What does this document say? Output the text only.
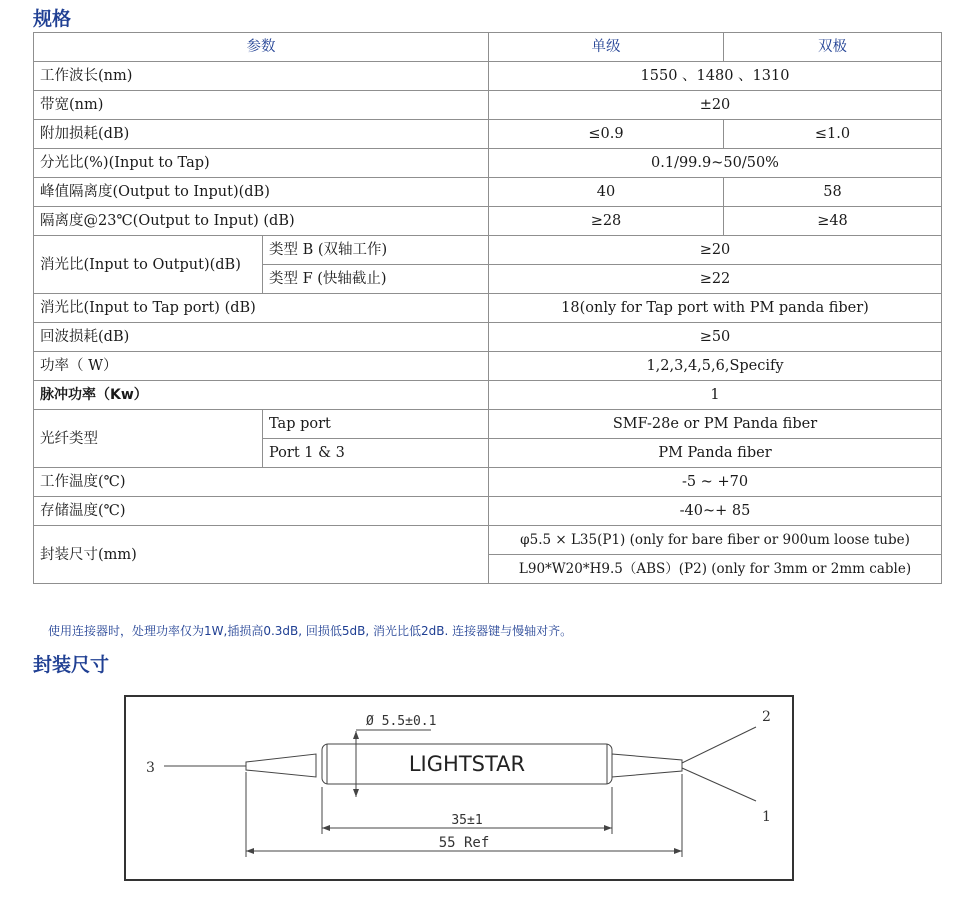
规格
参数		单级	双极
工作波长(nm)		1550 、1480 、1310	
带宽(nm)		±20	
附加损耗(dB)		≤0.9	≤1.0
分光比(%)(Input to Tap)		0.1/99.9~50/50%	
峰值隔离度(Output to Input)(dB)		40	58
隔离度@23℃(Output to Input) (dB)		≥28	≥48
消光比(Input to Output)(dB)	类型 B (双轴工作)	≥20	
	类型 F (快轴截止)	≥22	
消光比(Input to Tap port) (dB)		18(only for Tap port with PM panda fiber)	
回波损耗(dB)		≥50	
功率（ W）		1,2,3,4,5,6,Specify	
脉冲功率（Kw）		1	
光纤类型	Tap port	SMF-28e or PM Panda fiber	
	Port 1 & 3	PM Panda fiber	
工作温度(℃)		-5 ~ +70	
存储温度(℃)		-40~+ 85	
封装尺寸(mm)		φ5.5 × L35(P1) (only for bare fiber or 900um loose tube)	
		L90*W20*H9.5（ABS）(P2) (only for 3mm or 2mm cable)	
使用连接器时，处理功率仅为1W,插损高0.3dB, 回损低5dB, 消光比低2dB. 连接器键与慢轴对齐。
封装尺寸
Ø 5.5±0.1
LIGHTSTAR
35±1
55 Ref
3
2
1
